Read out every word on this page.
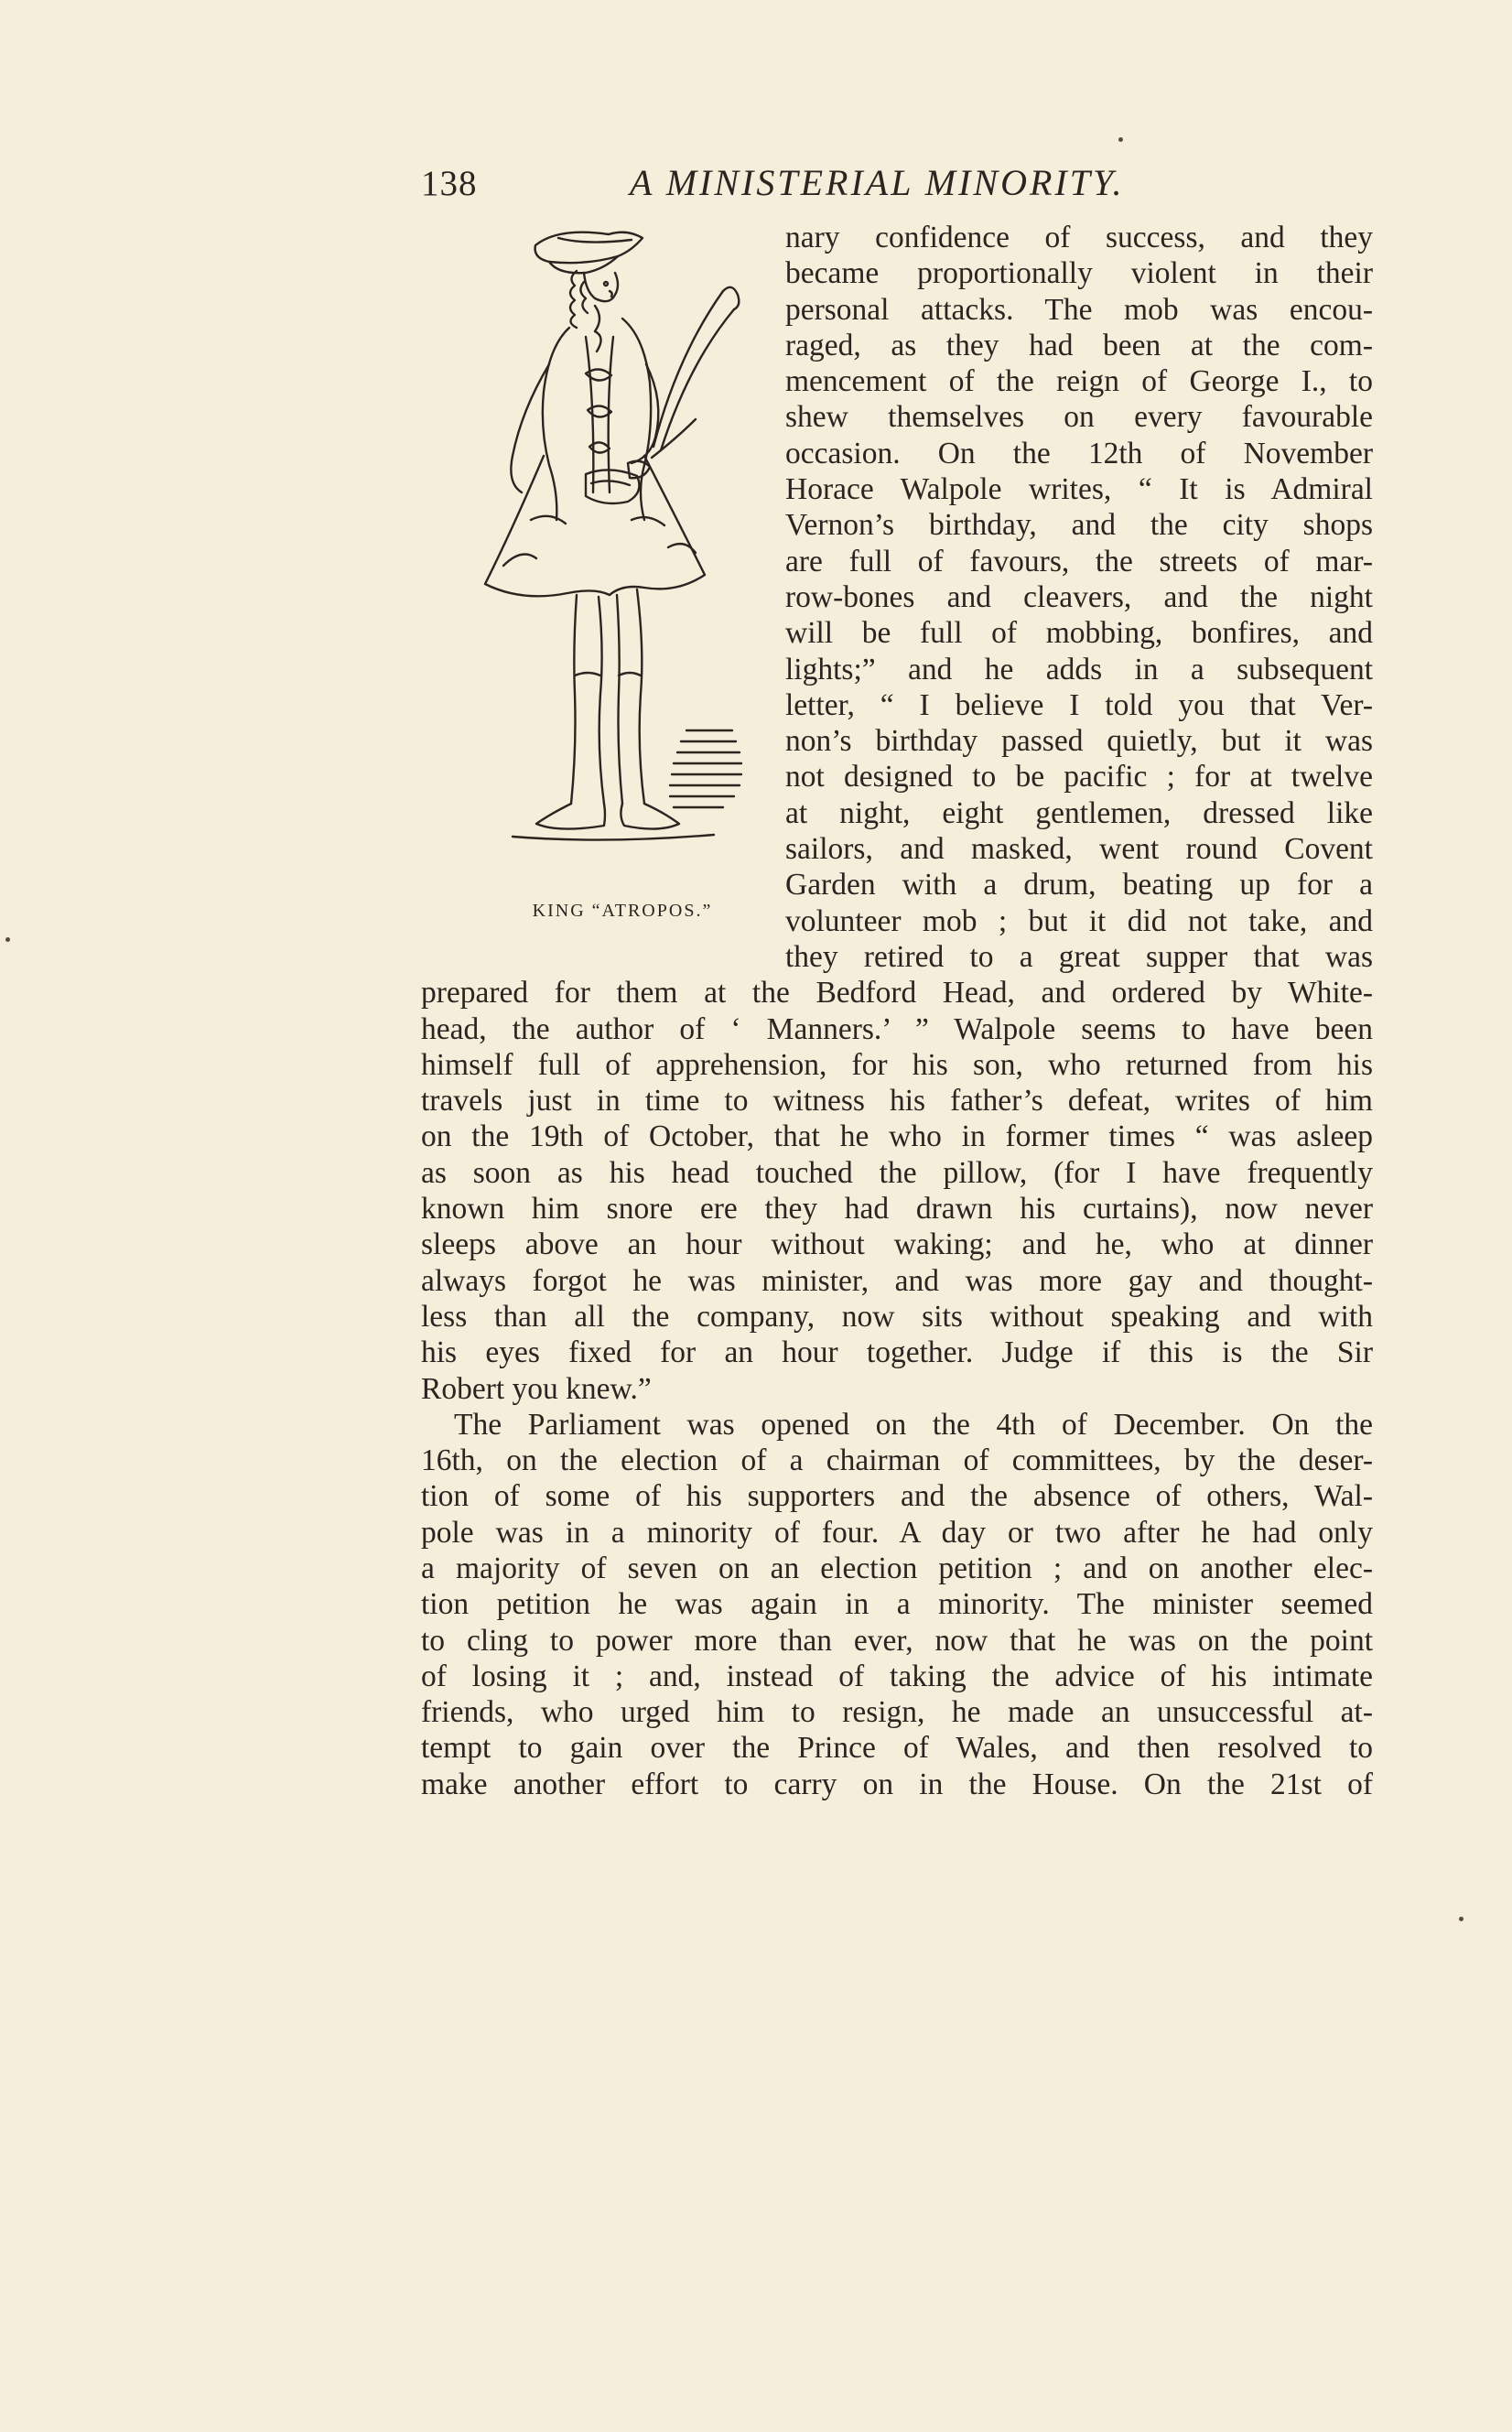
138	A MINISTERIAL MINORITY.
KING “ATROPOS.”
nary confidence of success, and they
became proportionally violent in their
personal attacks. The mob was encou-
raged, as they had been at the com-
mencement of the reign of George I., to
shew themselves on every favourable
occasion. On the 12th of November
Horace Walpole writes, “ It is Admiral
Vernon’s birthday, and the city shops
are full of favours, the streets of mar-
row-bones and cleavers, and the night
will be full of mobbing, bonfires, and
lights;” and he adds in a subsequent
letter, “ I believe I told you that Ver-
non’s birthday passed quietly, but it was
not designed to be pacific ; for at twelve
at night, eight gentlemen, dressed like
sailors, and masked, went round Covent
Garden with a drum, beating up for a
volunteer mob ; but it did not take, and
they retired to a great supper that was
prepared for them at the Bedford Head, and ordered by White-
head, the author of ‘ Manners.’ ” Walpole seems to have been
himself full of apprehension, for his son, who returned from his
travels just in time to witness his father’s defeat, writes of him
on the 19th of October, that he who in former times “ was asleep
as soon as his head touched the pillow, (for I have frequently
known him snore ere they had drawn his curtains), now never
sleeps above an hour without waking; and he, who at dinner
always forgot he was minister, and was more gay and thought-
less than all the company, now sits without speaking and with
his eyes fixed for an hour together. Judge if this is the Sir
Robert you knew.”
The Parliament was opened on the 4th of December. On the
16th, on the election of a chairman of committees, by the deser-
tion of some of his supporters and the absence of others, Wal-
pole was in a minority of four. A day or two after he had only
a majority of seven on an election petition ; and on another elec-
tion petition he was again in a minority. The minister seemed
to cling to power more than ever, now that he was on the point
of losing it ; and, instead of taking the advice of his intimate
friends, who urged him to resign, he made an unsuccessful at-
tempt to gain over the Prince of Wales, and then resolved to
make another effort to carry on in the House. On the 21st of
